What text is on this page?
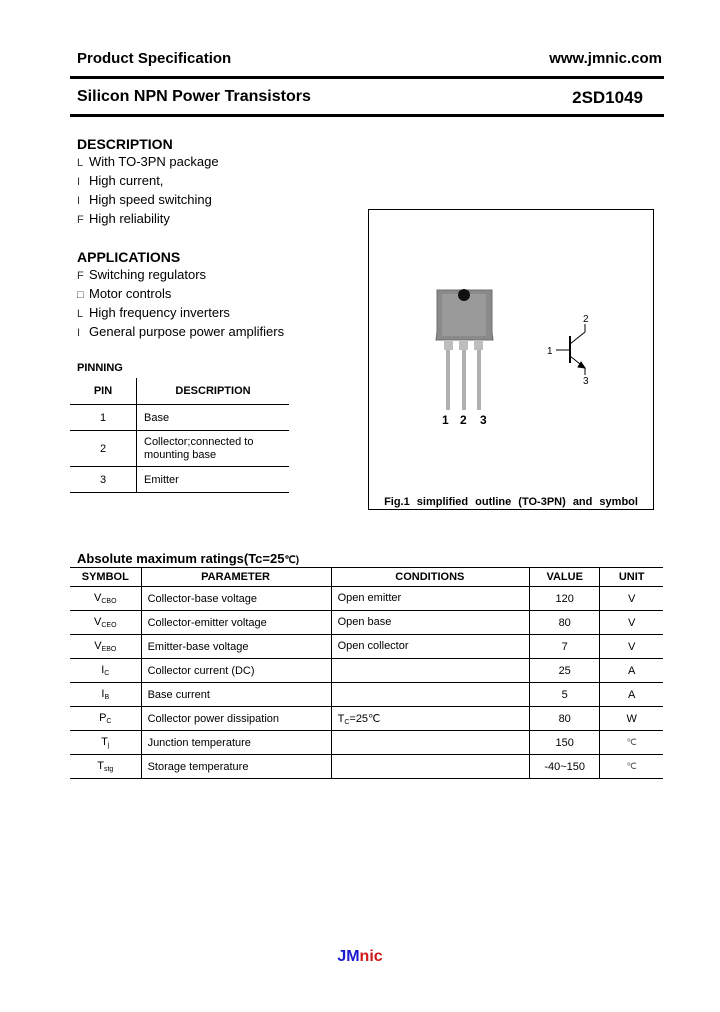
Product Specification	www.jmnic.com
Silicon NPN Power Transistors	2SD1049
DESCRIPTION
L With TO-3PN package
I High current,
I High speed switching
F High reliability
APPLICATIONS
F Switching regulators
□ Motor controls
L High frequency inverters
I General purpose power amplifiers
PINNING
PIN	DESCRIPTION
1	Base
2	Collector;connected to mounting base
3	Emitter
1 2 3
1
2
3
Fig.1 simplified outline (TO-3PN) and symbol
Absolute maximum ratings(Tc=25℃)
SYMBOL	PARAMETER	CONDITIONS	VALUE	UNIT
$V_{CBO}$	Collector-base voltage	Open emitter	120	V
$V_{CEO}$	Collector-emitter voltage	Open base	80	V
$V_{EBO}$	Emitter-base voltage	Open collector	7	V
$I_C$	Collector current (DC)		25	A
$I_B$	Base current		5	A
$P_C$	Collector power dissipation	$T_C=25℃$	80	W
$T_j$	Junction temperature		150	℃
$T_{stg}$	Storage temperature		-40~150	℃
JMnic
